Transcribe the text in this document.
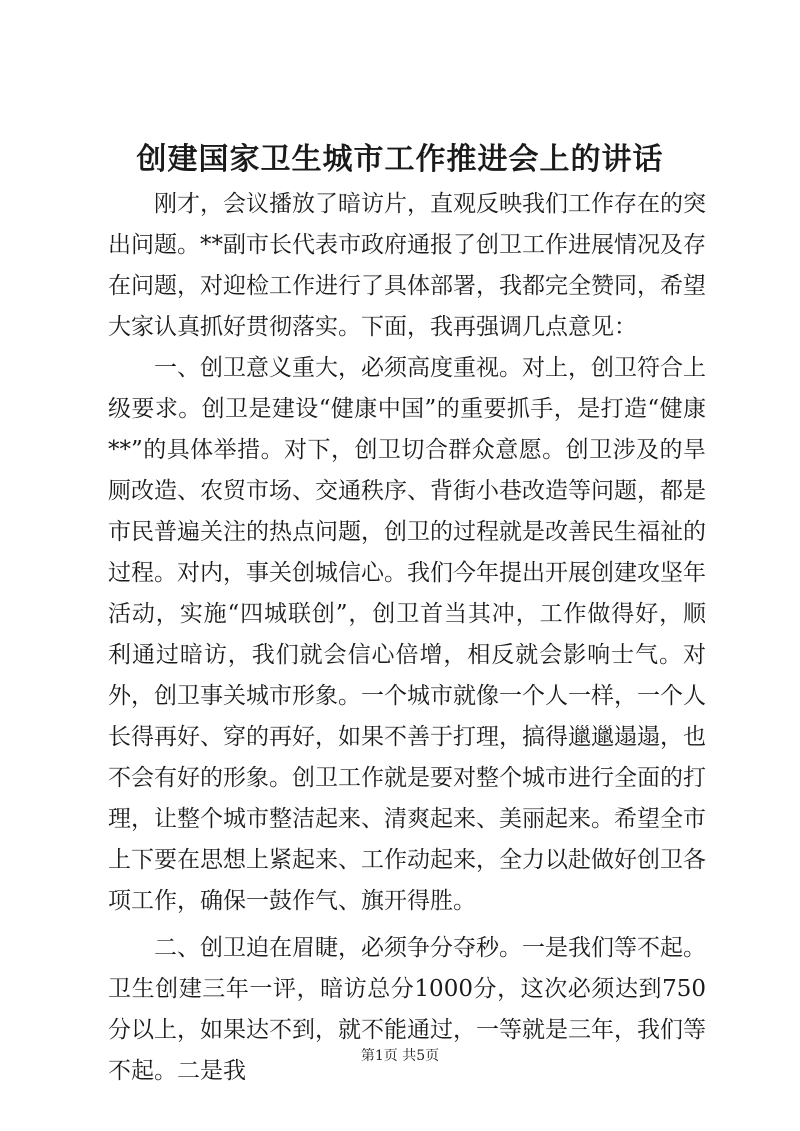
创建国家卫生城市工作推进会上的讲话

刚才，会议播放了暗访片，直观反映我们工作存在的突出问题。**副市长代表市政府通报了创卫工作进展情况及存在问题，对迎检工作进行了具体部署，我都完全赞同，希望大家认真抓好贯彻落实。下面，我再强调几点意见：

一、创卫意义重大，必须高度重视。对上，创卫符合上级要求。创卫是建设“健康中国”的重要抓手，是打造“健康**”的具体举措。对下，创卫切合群众意愿。创卫涉及的旱厕改造、农贸市场、交通秩序、背街小巷改造等问题，都是市民普遍关注的热点问题，创卫的过程就是改善民生福祉的过程。对内，事关创城信心。我们今年提出开展创建攻坚年活动，实施“四城联创”，创卫首当其冲，工作做得好，顺利通过暗访，我们就会信心倍增，相反就会影响士气。对外，创卫事关城市形象。一个城市就像一个人一样，一个人长得再好、穿的再好，如果不善于打理，搞得邋邋遢遢，也不会有好的形象。创卫工作就是要对整个城市进行全面的打理，让整个城市整洁起来、清爽起来、美丽起来。希望全市上下要在思想上紧起来、工作动起来，全力以赴做好创卫各项工作，确保一鼓作气、旗开得胜。

二、创卫迫在眉睫，必须争分夺秒。一是我们等不起。卫生创建三年一评，暗访总分1000分，这次必须达到750分以上，如果达不到，就不能通过，一等就是三年，我们等不起。二是我

第1页 共5页
